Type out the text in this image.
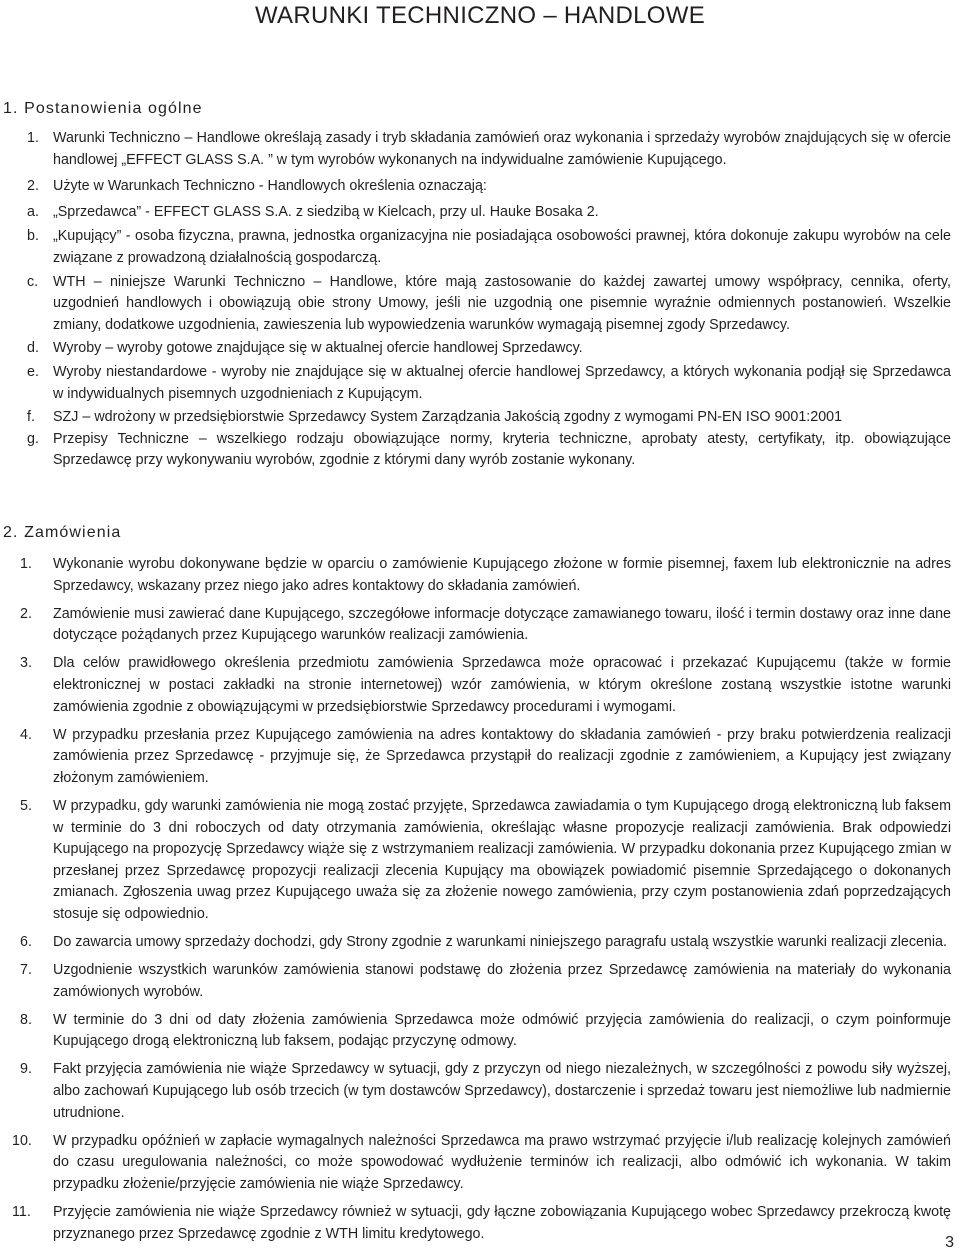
WARUNKI TECHNICZNO – HANDLOWE
1. Postanowienia ogólne
1. Warunki Techniczno – Handlowe określają zasady i tryb składania zamówień oraz wykonania i sprzedaży wyrobów znajdujących się w ofercie handlowej „EFFECT GLASS S.A. ” w tym wyrobów wykonanych na indywidualne zamówienie Kupującego.
2. Użyte w Warunkach Techniczno - Handlowych określenia oznaczają:
a. „Sprzedawca” - EFFECT GLASS S.A. z siedzibą w Kielcach, przy ul. Hauke Bosaka 2.
b. „Kupujący” - osoba fizyczna, prawna, jednostka organizacyjna nie posiadająca osobowości prawnej, która dokonuje zakupu wyrobów na cele związane z prowadzoną działalnością gospodarczą.
c. WTH – niniejsze Warunki Techniczno – Handlowe, które mają zastosowanie do każdej zawartej umowy współpracy, cennika, oferty, uzgodnień handlowych i obowiązują obie strony Umowy, jeśli nie uzgodnią one pisemnie wyraźnie odmiennych postanowień. Wszelkie zmiany, dodatkowe uzgodnienia, zawieszenia lub wypowiedzenia warunków wymagają pisemnej zgody Sprzedawcy.
d. Wyroby – wyroby gotowe znajdujące się w aktualnej ofercie handlowej Sprzedawcy.
e. Wyroby niestandardowe - wyroby nie znajdujące się w aktualnej ofercie handlowej Sprzedawcy, a których wykonania podjął się Sprzedawca w indywidualnych pisemnych uzgodnieniach z Kupującym.
f. SZJ – wdrożony w przedsiębiorstwie Sprzedawcy System Zarządzania Jakością zgodny z wymogami PN-EN ISO 9001:2001
g. Przepisy Techniczne – wszelkiego rodzaju obowiązujące normy, kryteria techniczne, aprobaty atesty, certyfikaty, itp. obowiązujące Sprzedawcę przy wykonywaniu wyrobów, zgodnie z którymi dany wyrób zostanie wykonany.
2. Zamówienia
1. Wykonanie wyrobu dokonywane będzie w oparciu o zamówienie Kupującego złożone w formie pisemnej, faxem lub elektronicznie na adres Sprzedawcy, wskazany przez niego jako adres kontaktowy do składania zamówień.
2. Zamówienie musi zawierać dane Kupującego, szczegółowe informacje dotyczące zamawianego towaru, ilość i termin dostawy oraz inne dane dotyczące pożądanych przez Kupującego warunków realizacji zamówienia.
3. Dla celów prawidłowego określenia przedmiotu zamówienia Sprzedawca może opracować i przekazać Kupującemu (także w formie elektronicznej w postaci zakładki na stronie internetowej) wzór zamówienia, w którym określone zostaną wszystkie istotne warunki zamówienia zgodnie z obowiązującymi w przedsiębiorstwie Sprzedawcy procedurami i wymogami.
4. W przypadku przesłania przez Kupującego zamówienia na adres kontaktowy do składania zamówień - przy braku potwierdzenia realizacji zamówienia przez Sprzedawcę - przyjmuje się, że Sprzedawca przystąpił do realizacji zgodnie z zamówieniem, a Kupujący jest związany złożonym zamówieniem.
5. W przypadku, gdy warunki zamówienia nie mogą zostać przyjęte, Sprzedawca zawiadamia o tym Kupującego drogą elektroniczną lub faksem w terminie do 3 dni roboczych od daty otrzymania zamówienia, określając własne propozycje realizacji zamówienia. Brak odpowiedzi Kupującego na propozycję Sprzedawcy wiąże się z wstrzymaniem realizacji zamówienia. W przypadku dokonania przez Kupującego zmian w przesłanej przez Sprzedawcę propozycji realizacji zlecenia Kupujący ma obowiązek powiadomić pisemnie Sprzedającego o dokonanych zmianach. Zgłoszenia uwag przez Kupującego uważa się za złożenie nowego zamówienia, przy czym postanowienia zdań poprzedzających stosuje się odpowiednio.
6. Do zawarcia umowy sprzedaży dochodzi, gdy Strony zgodnie z warunkami niniejszego paragrafu ustalą wszystkie warunki realizacji zlecenia.
7. Uzgodnienie wszystkich warunków zamówienia stanowi podstawę do złożenia przez Sprzedawcę zamówienia na materiały do wykonania zamówionych wyrobów.
8. W terminie do 3 dni od daty złożenia zamówienia Sprzedawca może odmówić przyjęcia zamówienia do realizacji, o czym poinformuje Kupującego drogą elektroniczną lub faksem, podając przyczynę odmowy.
9. Fakt przyjęcia zamówienia nie wiąże Sprzedawcy w sytuacji, gdy z przyczyn od niego niezależnych, w szczególności z powodu siły wyższej, albo zachowań Kupującego lub osób trzecich (w tym dostawców Sprzedawcy), dostarczenie i sprzedaż towaru jest niemożliwe lub nadmiernie utrudnione.
10. W przypadku opóźnień w zapłacie wymagalnych należności Sprzedawca ma prawo wstrzymać przyjęcie i/lub realizację kolejnych zamówień do czasu uregulowania należności, co może spowodować wydłużenie terminów ich realizacji, albo odmówić ich wykonania. W takim przypadku złożenie/przyjęcie zamówienia nie wiąże Sprzedawcy.
11. Przyjęcie zamówienia nie wiąże Sprzedawcy również w sytuacji, gdy łączne zobowiązania Kupującego wobec Sprzedawcy przekroczą kwotę przyznanego przez Sprzedawcę zgodnie z WTH limitu kredytowego.
3
